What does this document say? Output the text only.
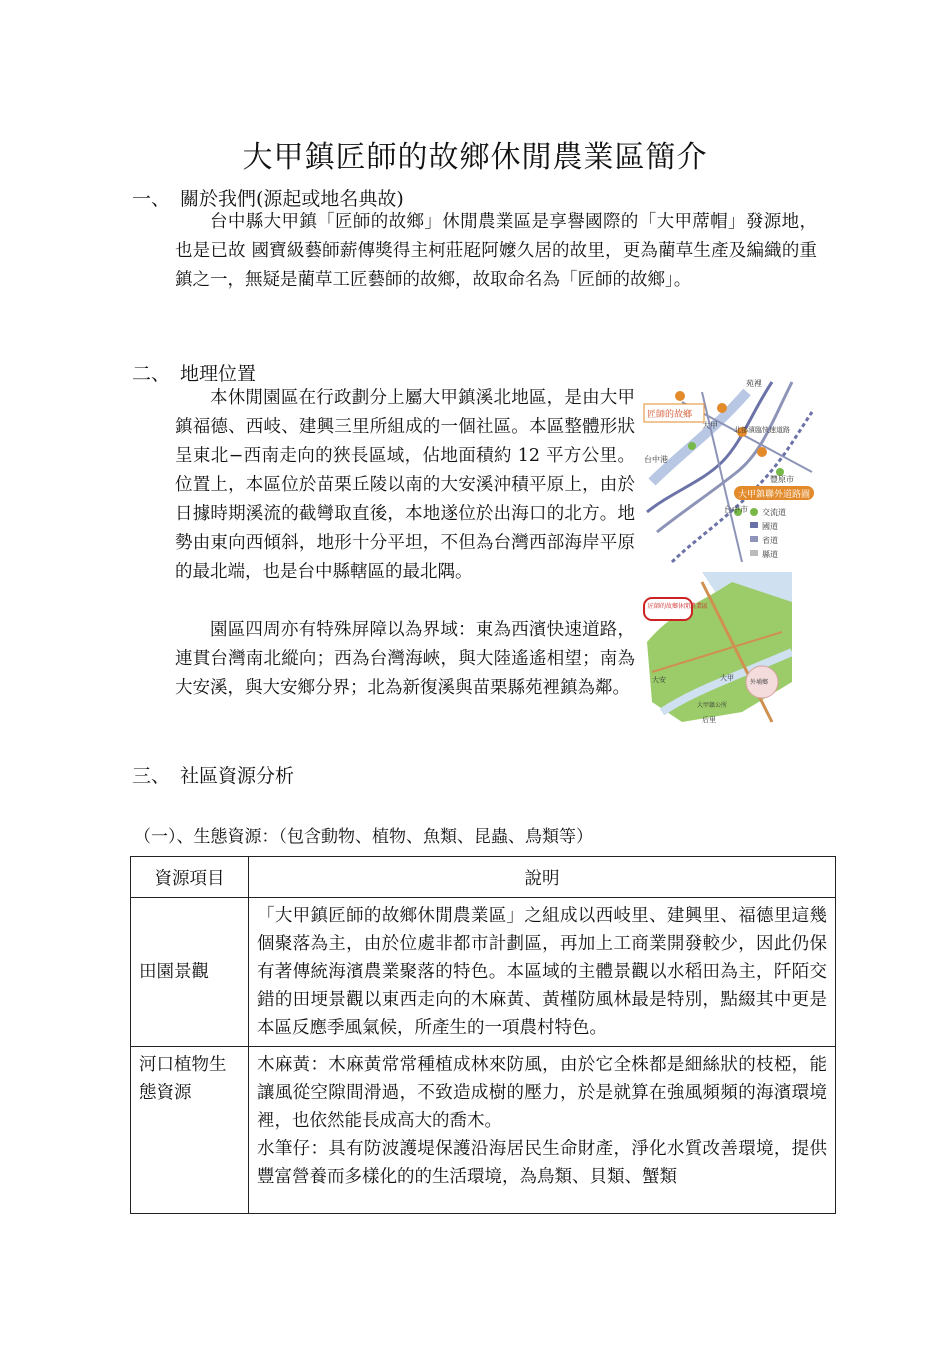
大甲鎮匠師的故鄉休閒農業區簡介
一、 關於我們(源起或地名典故)
台中縣大甲鎮「匠師的故鄉」休閒農業區是享譽國際的「大甲蓆帽」發源地，也是已故 國寶級藝師薪傳獎得主柯莊屘阿嬤久居的故里，更為藺草生產及編織的重鎮之一，無疑是藺草工匠藝師的故鄉，故取命名為「匠師的故鄉」。
二、 地理位置
本休閒園區在行政劃分上屬大甲鎮溪北地區，是由大甲鎮福德、西岐、建興三里所組成的一個社區。本區整體形狀呈東北−西南走向的狹長區域，佔地面積約 12 平方公里。位置上，本區位於苗栗丘陵以南的大安溪沖積平原上，由於日據時期溪流的截彎取直後，本地遂位於出海口的北方。地勢由東向西傾斜，地形十分平坦，不但為台灣西部海岸平原的最北端，也是台中縣轄區的最北隅。
園區四周亦有特殊屏障以為界域：東為西濱快速道路，連貫台灣南北縱向；西為台灣海峽，與大陸遙遙相望；南為大安溪，與大安鄉分界；北為新復溪與苗栗縣苑裡鎮為鄰。
匠師的故鄉
台中港
台中市
豐原市
北部濱臨快速道路
苑裡
大甲
大甲鎮聯外道路圖
交流道
國道
省道
縣道
匠師的故鄉休閒農業區
大安
后里
大甲
大甲鎮公所
外埔鄉
三、 社區資源分析
（一）、生態資源：（包含動物、植物、魚類、昆蟲、鳥類等）
資源項目	說明
田園景觀	「大甲鎮匠師的故鄉休閒農業區」之組成以西岐里、建興里、福德里這幾個聚落為主，由於位處非都市計劃區，再加上工商業開發較少，因此仍保有著傳統海濱農業聚落的特色。本區域的主體景觀以水稻田為主，阡陌交錯的田埂景觀以東西走向的木麻黃、黃槿防風林最是特別，點綴其中更是本區反應季風氣候，所產生的一項農村特色。
河口植物生態資源	木麻黃：木麻黃常常種植成林來防風，由於它全株都是細絲狀的枝椏，能讓風從空隙間滑過，不致造成樹的壓力，於是就算在強風頻頻的海濱環境裡，也依然能長成高大的喬木。
水筆仔：具有防波護堤保護沿海居民生命財產，淨化水質改善環境，提供豐富營養而多樣化的的生活環境，為鳥類、貝類、蟹類
